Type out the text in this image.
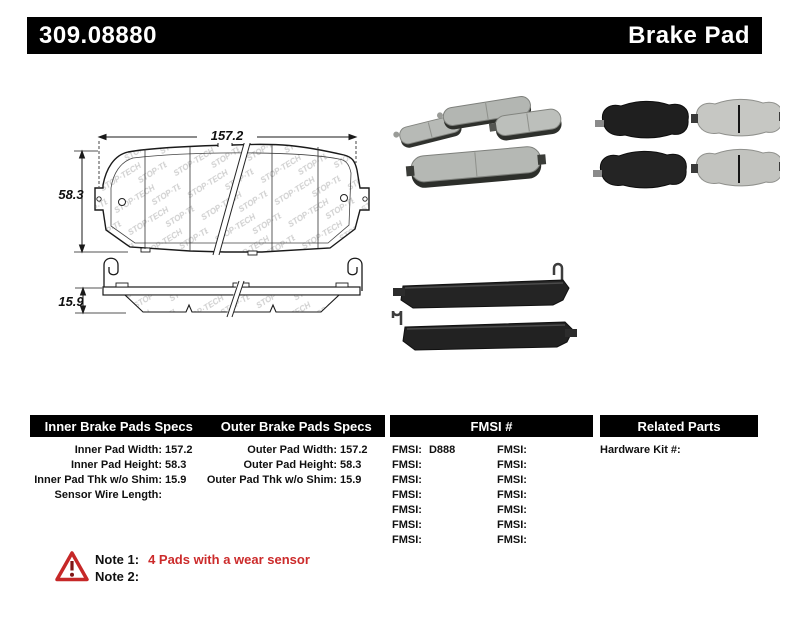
309.08880	Brake Pad
157.2
58.3
15.9
Inner Brake Pads Specs	Outer Brake Pads Specs	FMSI #	Related Parts
Inner Pad Width: 157.2
Inner Pad Height: 58.3
Inner Pad Thk w/o Shim: 15.9
Sensor Wire Length:
Outer Pad Width: 157.2
Outer Pad Height: 58.3
Outer Pad Thk w/o Shim: 15.9
FMSI: D888
FMSI:
FMSI:
FMSI:
FMSI:
FMSI:
FMSI:
FMSI:
FMSI:
FMSI:
FMSI:
FMSI:
FMSI:
FMSI:
Hardware Kit #:
Note 1: 4 Pads with a wear sensor
Note 2:
